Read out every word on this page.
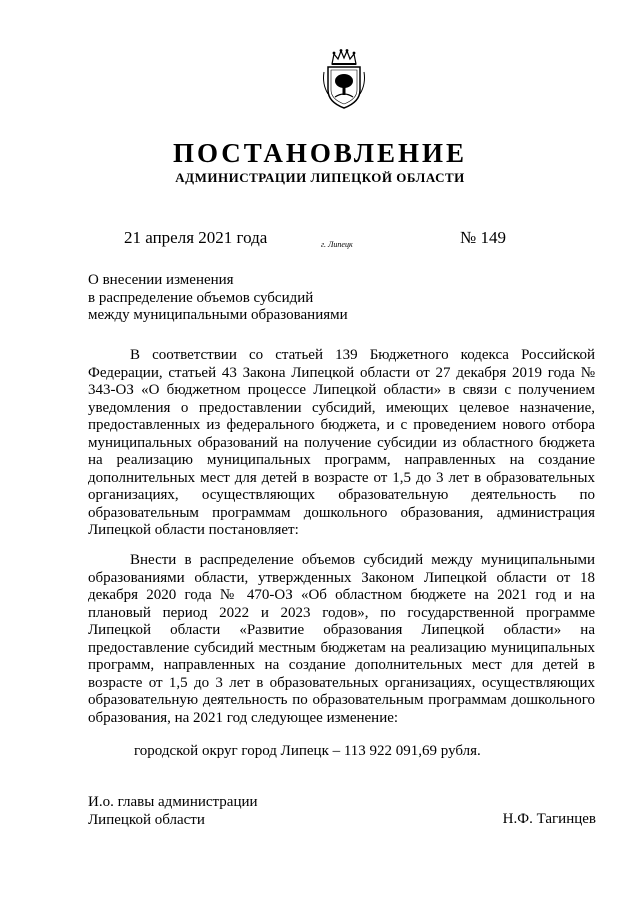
ПОСТАНОВЛЕНИЕ
АДМИНИСТРАЦИИ ЛИПЕЦКОЙ ОБЛАСТИ
21 апреля 2021 года	г. Липецк	№ 149
О внесении изменения
в распределение объемов субсидий
между муниципальными образованиями

В соответствии со статьей 139 Бюджетного кодекса Российской Федерации, статьей 43 Закона Липецкой области от 27 декабря 2019 года № 343-ОЗ «О бюджетном процессе Липецкой области» в связи с получением уведомления о предоставлении субсидий, имеющих целевое назначение, предоставленных из федерального бюджета, и с проведением нового отбора муниципальных образований на получение субсидии из областного бюджета на реализацию муниципальных программ, направленных на создание дополнительных мест для детей в возрасте от 1,5 до 3 лет в образовательных организациях, осуществляющих образовательную деятельность по образовательным программам дошкольного образования, администрация Липецкой области постановляет:

Внести в распределение объемов субсидий между муниципальными образованиями области, утвержденных Законом Липецкой области от 18 декабря 2020 года № 470-ОЗ «Об областном бюджете на 2021 год и на плановый период 2022 и 2023 годов», по государственной программе Липецкой области «Развитие образования Липецкой области» на предоставление субсидий местным бюджетам на реализацию муниципальных программ, направленных на создание дополнительных мест для детей в возрасте от 1,5 до 3 лет в образовательных организациях, осуществляющих образовательную деятельность по образовательным программам дошкольного образования, на 2021 год следующее изменение:

городской округ город Липецк – 113 922 091,69 рубля.
И.о. главы администрации
Липецкой области	Н.Ф. Тагинцев
